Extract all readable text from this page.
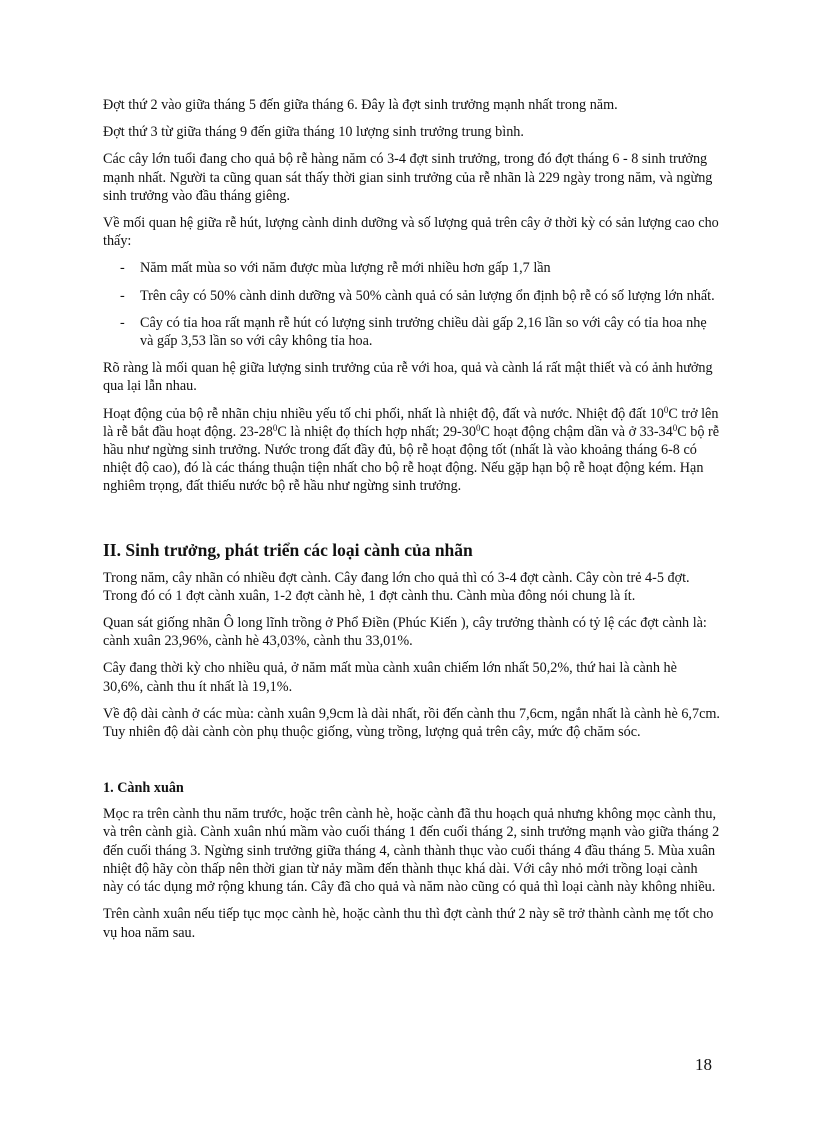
Đợt thứ 2 vào giữa tháng 5 đến giữa tháng 6. Đây là đợt sinh trưởng mạnh nhất trong năm.

Đợt thứ 3 từ giữa tháng 9 đến giữa tháng 10 lượng sinh trưởng trung bình.

Các cây lớn tuổi đang cho quả bộ rễ hàng năm có 3-4 đợt sinh trưởng, trong đó đợt tháng 6 - 8 sinh trưởng mạnh nhất. Người ta cũng quan sát thấy thời gian sinh trưởng của rễ nhãn là 229 ngày trong năm, và ngừng sinh trưởng vào đầu tháng giêng.

Về mối quan hệ giữa rễ hút, lượng cành dinh dưỡng và số lượng quả trên cây ở thời kỳ có sản lượng cao cho thấy:

- Năm mất mùa so với năm được mùa lượng rễ mới nhiều hơn gấp 1,7 lần
- Trên cây có 50% cành dinh dưỡng và 50% cành quả có sản lượng ổn định bộ rễ có số lượng lớn nhất.
- Cây có tỉa hoa rất mạnh rễ hút có lượng sinh trưởng chiều dài gấp 2,16 lần so với cây có tỉa hoa nhẹ và gấp 3,53 lần so với cây không tỉa hoa.

Rõ ràng là mối quan hệ giữa lượng sinh trưởng của rễ với hoa, quả và cành lá rất mật thiết và có ảnh hưởng qua lại lẫn nhau.

Hoạt động của bộ rễ nhãn chịu nhiều yếu tố chi phối, nhất là nhiệt độ, đất và nước. Nhiệt độ đất $10^0C$ trở lên là rễ bắt đầu hoạt động. $23-28^0C$ là nhiệt đọ thích hợp nhất; $29-30^0C$ hoạt động chậm dần và ở $33-34^0C$ bộ rễ hầu như ngừng sinh trưởng. Nước trong đất đầy đủ, bộ rễ hoạt động tốt (nhất là vào khoảng tháng 6-8 có nhiệt độ cao), đó là các tháng thuận tiện nhất cho bộ rễ hoạt động. Nếu gặp hạn bộ rễ hoạt động kém. Hạn nghiêm trọng, đất thiếu nước bộ rễ hầu như ngừng sinh trưởng.

II. Sinh trưởng, phát triển các loại cành của nhãn

Trong năm, cây nhãn có nhiều đợt cành. Cây đang lớn cho quả thì có 3-4 đợt cành. Cây còn trẻ 4-5 đợt. Trong đó có 1 đợt cành xuân, 1-2 đợt cành hè, 1 đợt cành thu. Cành mùa đông nói chung là ít.

Quan sát giống nhãn Ô long lĩnh trồng ở Phổ Điền (Phúc Kiến ), cây trưởng thành có tỷ lệ các đợt cành là: cành xuân 23,96%, cành hè 43,03%, cành thu 33,01%.

Cây đang thời kỳ cho nhiều quả, ở năm mất mùa cành xuân chiếm lớn nhất 50,2%, thứ hai là cành hè 30,6%, cành thu ít nhất là 19,1%.

Về độ dài cành ở các mùa: cành xuân 9,9cm là dài nhất, rồi đến cành thu 7,6cm, ngắn nhất là cành hè 6,7cm. Tuy nhiên độ dài cành còn phụ thuộc giống, vùng trồng, lượng quả trên cây, mức độ chăm sóc.

1. Cành xuân

Mọc ra trên cành thu năm trước, hoặc trên cành hè, hoặc cành đã thu hoạch quả nhưng không mọc cành thu, và trên cành già. Cành xuân nhú mầm vào cuối tháng 1 đến cuối tháng 2, sinh trưởng mạnh vào giữa tháng 2 đến cuối tháng 3. Ngừng sinh trưởng giữa tháng 4, cành thành thục vào cuối tháng 4 đầu tháng 5. Mùa xuân nhiệt độ hãy còn thấp nên thời gian từ nảy mầm đến thành thục khá dài. Với cây nhỏ mới trồng loại cành này có tác dụng mở rộng khung tán. Cây đã cho quả và năm nào cũng có quả thì loại cành này không nhiều.

Trên cành xuân nếu tiếp tục mọc cành hè, hoặc cành thu thì đợt cành thứ 2 này sẽ trở thành cành mẹ tốt cho vụ hoa năm sau.

18
